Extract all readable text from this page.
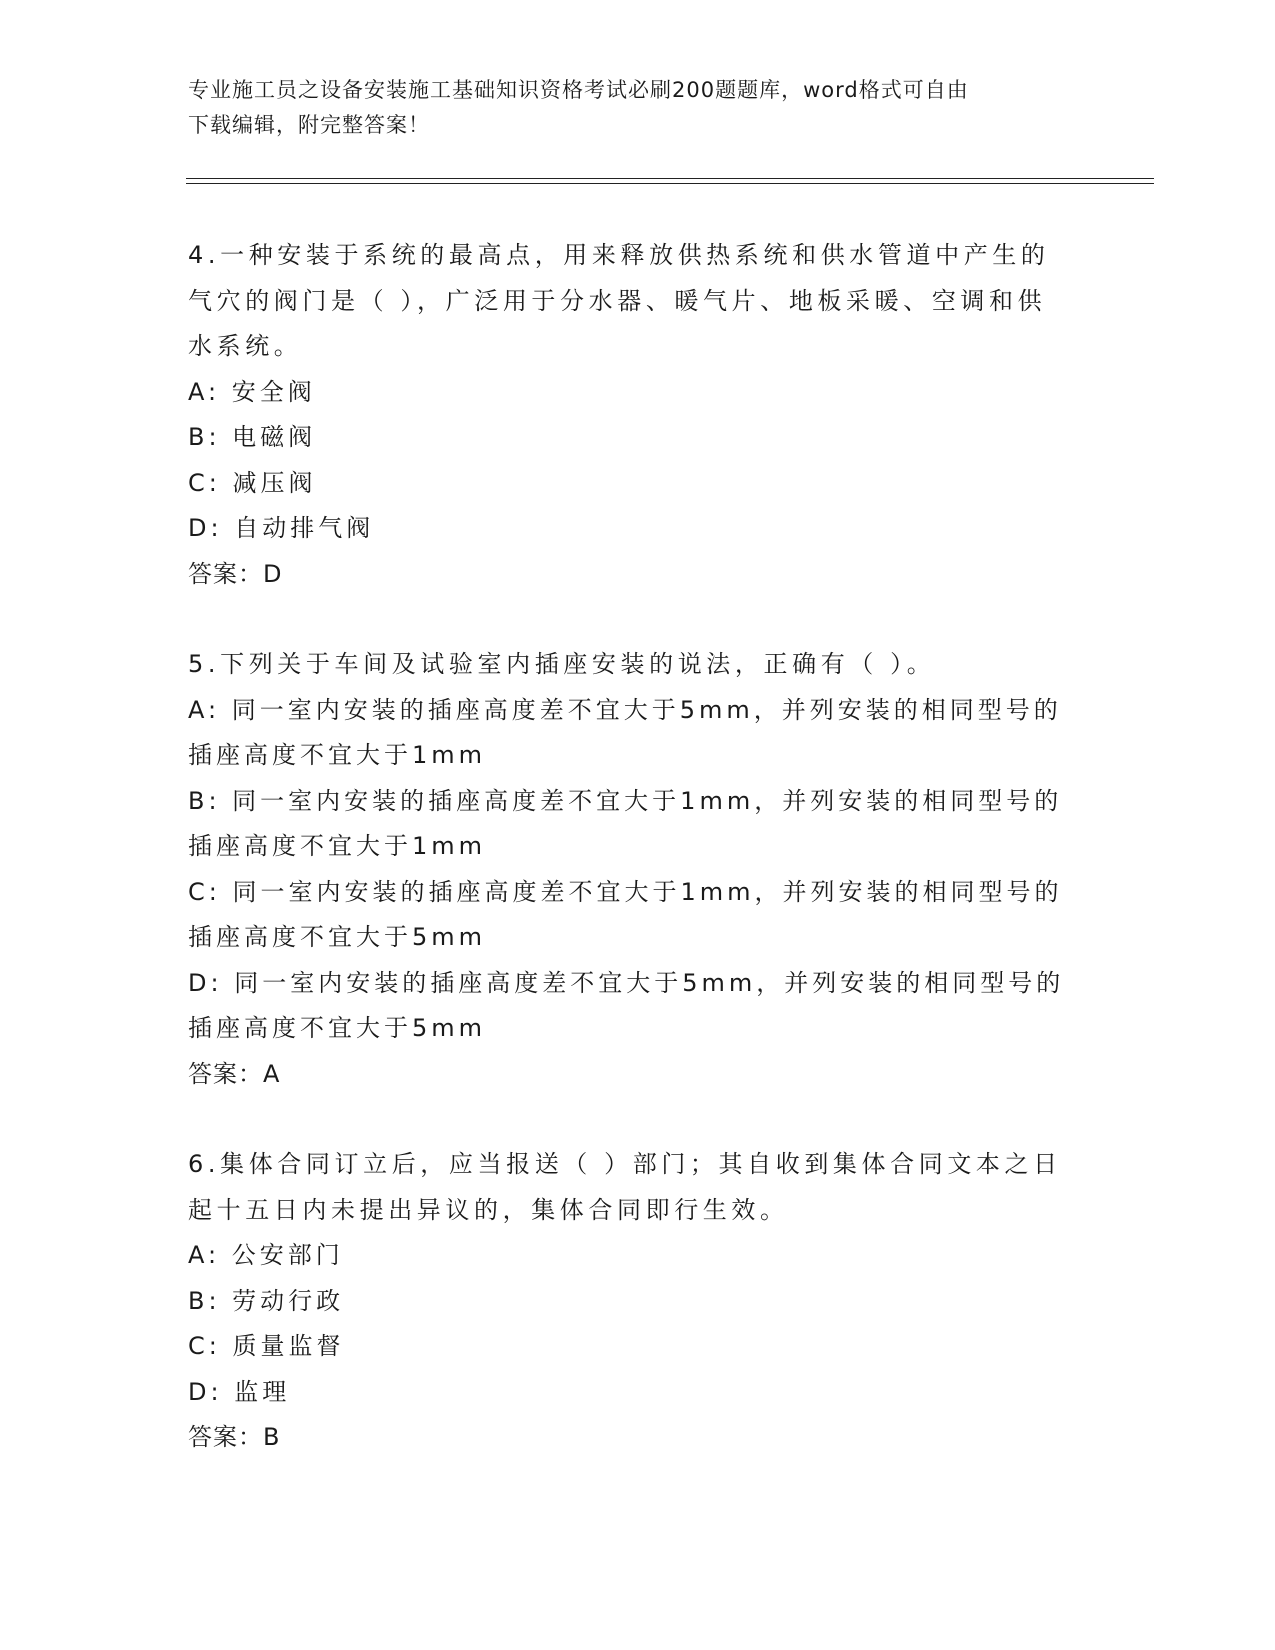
专业施工员之设备安装施工基础知识资格考试必刷200题题库，word格式可自由
下载编辑，附完整答案！
4.一种安装于系统的最高点，用来释放供热系统和供水管道中产生的
气穴的阀门是（ ），广泛用于分水器、暖气片、地板采暖、空调和供
水系统。
A: 安全阀
B: 电磁阀
C: 减压阀
D: 自动排气阀
答案：D
5.下列关于车间及试验室内插座安装的说法，正确有（ ）。
A: 同一室内安装的插座高度差不宜大于5mm，并列安装的相同型号的
插座高度不宜大于1mm
B: 同一室内安装的插座高度差不宜大于1mm，并列安装的相同型号的
插座高度不宜大于1mm
C: 同一室内安装的插座高度差不宜大于1mm，并列安装的相同型号的
插座高度不宜大于5mm
D: 同一室内安装的插座高度差不宜大于5mm，并列安装的相同型号的
插座高度不宜大于5mm
答案：A
6.集体合同订立后，应当报送（ ）部门；其自收到集体合同文本之日
起十五日内未提出异议的，集体合同即行生效。
A: 公安部门
B: 劳动行政
C: 质量监督
D: 监理
答案：B
